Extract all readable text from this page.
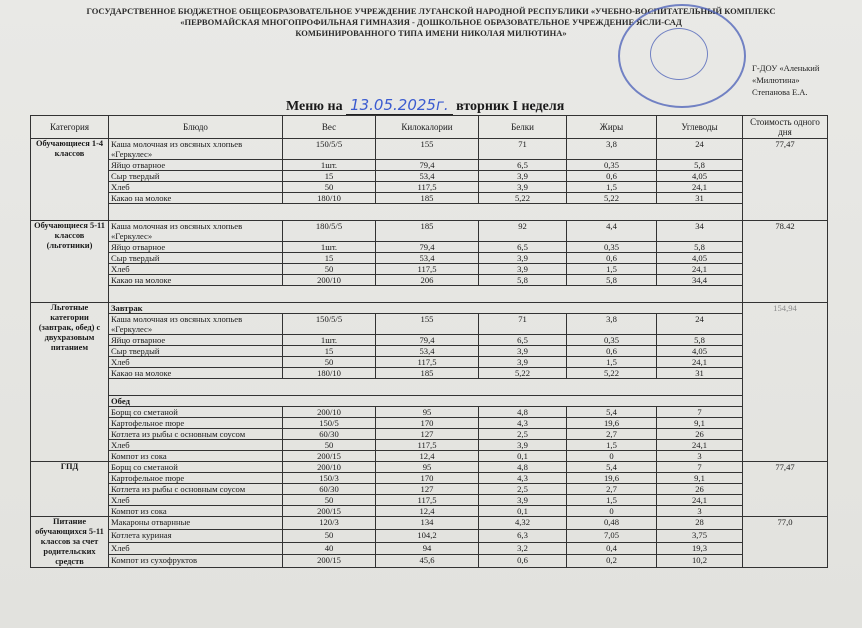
ГОСУДАРСТВЕННОЕ БЮДЖЕТНОЕ ОБЩЕОБРАЗОВАТЕЛЬНОЕ УЧРЕЖДЕНИЕ ЛУГАНСКОЙ НАРОДНОЙ РЕСПУБЛИКИ «УЧЕБНО-ВОСПИТАТЕЛЬНЫЙ КОМПЛЕКС
«ПЕРВОМАЙСКАЯ МНОГОПРОФИЛЬНАЯ ГИМНАЗИЯ - ДОШКОЛЬНОЕ ОБРАЗОВАТЕЛЬНОЕ УЧРЕЖДЕНИЕ ЯСЛИ-САД
КОМБИНИРОВАННОГО ТИПА ИМЕНИ НИКОЛАЯ МИЛЮТИНА»
Г-ДОУ «Аленький
«Милютина»
Степанова Е.А.
Меню на 13.05.2025г. вторник I неделя
Категория	Блюдо	Вес	Килокалории	Белки	Жиры	Углеводы	Стоимость одного дня
Обучающиеся 1-4 классов	Каша молочная из овсяных хлопьев «Геркулес»	150/5/5	155	71	3,8	24	77,47
	Яйцо отварное	1шт.	79,4	6,5	0,35	5,8	
	Сыр твердый	15	53,4	3,9	0,6	4,05	
	Хлеб	50	117,5	3,9	1,5	24,1	
	Какао на молоке	180/10	185	5,22	5,22	31	

Обучающиеся 5-11 классов (льготники)	Каша молочная из овсяных хлопьев «Геркулес»	180/5/5	185	92	4,4	34	78.42
	Яйцо отварное	1шт.	79,4	6,5	0,35	5,8	
	Сыр твердый	15	53,4	3,9	0,6	4,05	
	Хлеб	50	117,5	3,9	1,5	24,1	
	Какао на молоке	200/10	206	5,8	5,8	34,4	

Льготные категории (завтрак, обед) с двухразовым питанием	Завтрак						154,94
	Каша молочная из овсяных хлопьев «Геркулес»	150/5/5	155	71	3,8	24	
	Яйцо отварное	1шт.	79,4	6,5	0,35	5,8	
	Сыр твердый	15	53,4	3,9	0,6	4,05	
	Хлеб	50	117,5	3,9	1,5	24,1	
	Какао на молоке	180/10	185	5,22	5,22	31	

	Обед						
	Борщ со сметаной	200/10	95	4,8	5,4	7	
	Картофельное пюре	150/5	170	4,3	19,6	9,1	
	Котлета из рыбы с основным соусом	60/30	127	2,5	2,7	26	
	Хлеб	50	117,5	3,9	1,5	24,1	
	Компот из сока	200/15	12,4	0,1	0	3	
ГПД	Борщ со сметаной	200/10	95	4,8	5,4	7	77,47
	Картофельное пюре	150/3	170	4,3	19,6	9,1	
	Котлета из рыбы с основным соусом	60/30	127	2,5	2,7	26	
	Хлеб	50	117,5	3,9	1,5	24,1	
	Компот из сока	200/15	12,4	0,1	0	3	
Питание обучающихся 5-11 классов за счет родительских средств	Макароны отварнные	120/3	134	4,32	0,48	28	77,0
	Котлета куриная	50	104,2	6,3	7,05	3,75	
	Хлеб	40	94	3,2	0,4	19,3	
	Компот из сухофруктов	200/15	45,6	0,6	0,2	10,2	
